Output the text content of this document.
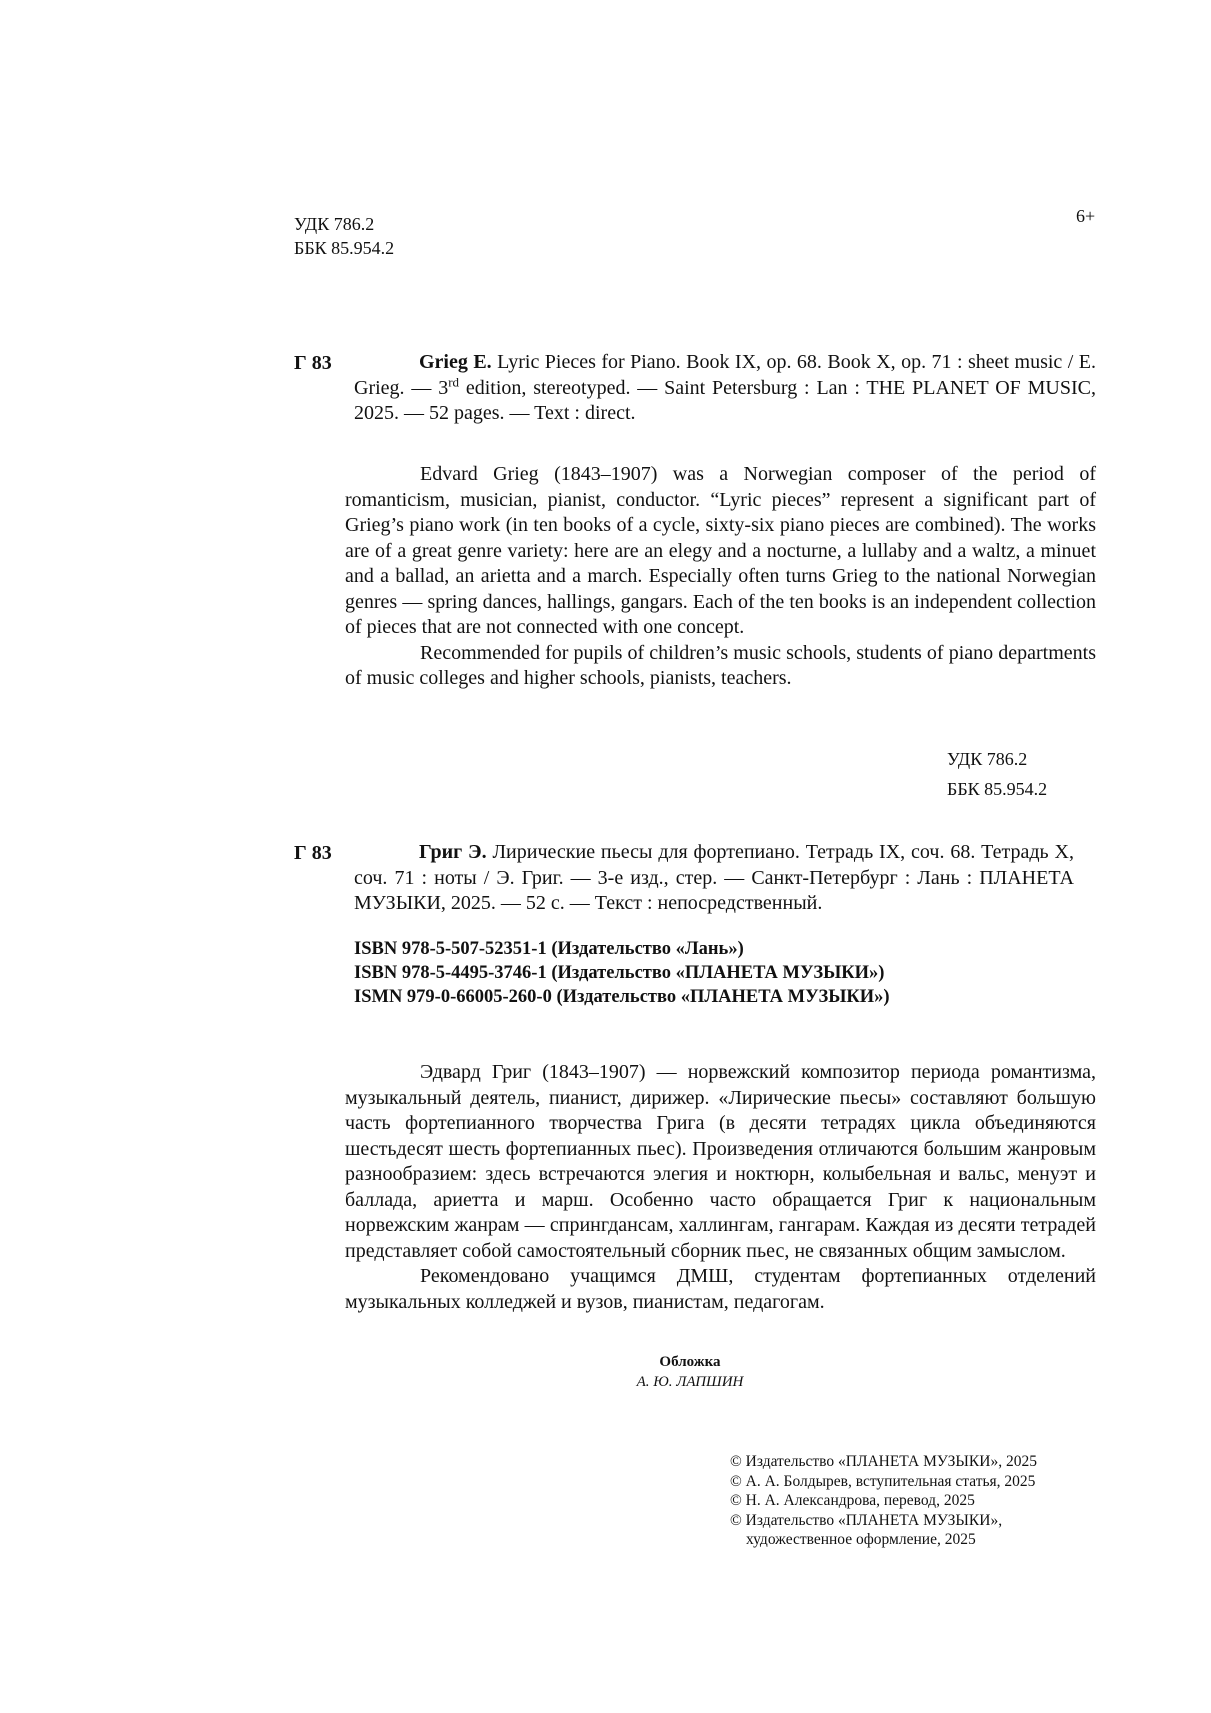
УДК 786.2
ББК 85.954.2
6+
Г 83	Grieg E. Lyric Pieces for Piano. Book IX, op. 68. Book X, op. 71 : sheet music / E. Grieg. — 3rd edition, stereotyped. — Saint Petersburg : Lan : THE PLANET OF MUSIC, 2025. — 52 pages. — Text : direct.

Edvard Grieg (1843–1907) was a Norwegian composer of the period of romanticism, musician, pianist, conductor. “Lyric pieces” represent a significant part of Grieg’s piano work (in ten books of a cycle, sixty-six piano pieces are combined). The works are of a great genre variety: here are an elegy and a nocturne, a lullaby and a waltz, a minuet and a ballad, an arietta and a march. Especially often turns Grieg to the national Norwegian genres — spring dances, hallings, gangars. Each of the ten books is an independent collection of pieces that are not connected with one concept.

Recommended for pupils of children’s music schools, students of piano departments of music colleges and higher schools, pianists, teachers.

УДК 786.2
ББК 85.954.2
Г 83	Григ Э. Лирические пьесы для фортепиано. Тетрадь IX, соч. 68. Тетрадь X, соч. 71 : ноты / Э. Григ. — 3-е изд., стер. — Санкт-Петербург : Лань : ПЛАНЕТА МУЗЫКИ, 2025. — 52 с. — Текст : непосредственный.
ISBN 978-5-507-52351-1 (Издательство «Лань»)
ISBN 978-5-4495-3746-1 (Издательство «ПЛАНЕТА МУЗЫКИ»)
ISMN 979-0-66005-260-0 (Издательство «ПЛАНЕТА МУЗЫКИ»)

Эдвард Григ (1843–1907) — норвежский композитор периода романтизма, музыкальный деятель, пианист, дирижер. «Лирические пьесы» составляют большую часть фортепианного творчества Грига (в десяти тетрадях цикла объединяются шестьдесят шесть фортепианных пьес). Произведения отличаются большим жанровым разнообразием: здесь встречаются элегия и ноктюрн, колыбельная и вальс, менуэт и баллада, ариетта и марш. Особенно часто обращается Григ к национальным норвежским жанрам — спрингдансам, халлингам, гангарам. Каждая из десяти тетрадей представляет собой самостоятельный сборник пьес, не связанных общим замыслом.

Рекомендовано учащимся ДМШ, студентам фортепианных отделений музыкальных колледжей и вузов, пианистам, педагогам.

Обложка
А. Ю. ЛАПШИН
© Издательство «ПЛАНЕТА МУЗЫКИ», 2025
© А. А. Болдырев, вступительная статья, 2025
© Н. А. Александрова, перевод, 2025
© Издательство «ПЛАНЕТА МУЗЫКИ»,
художественное оформление, 2025
